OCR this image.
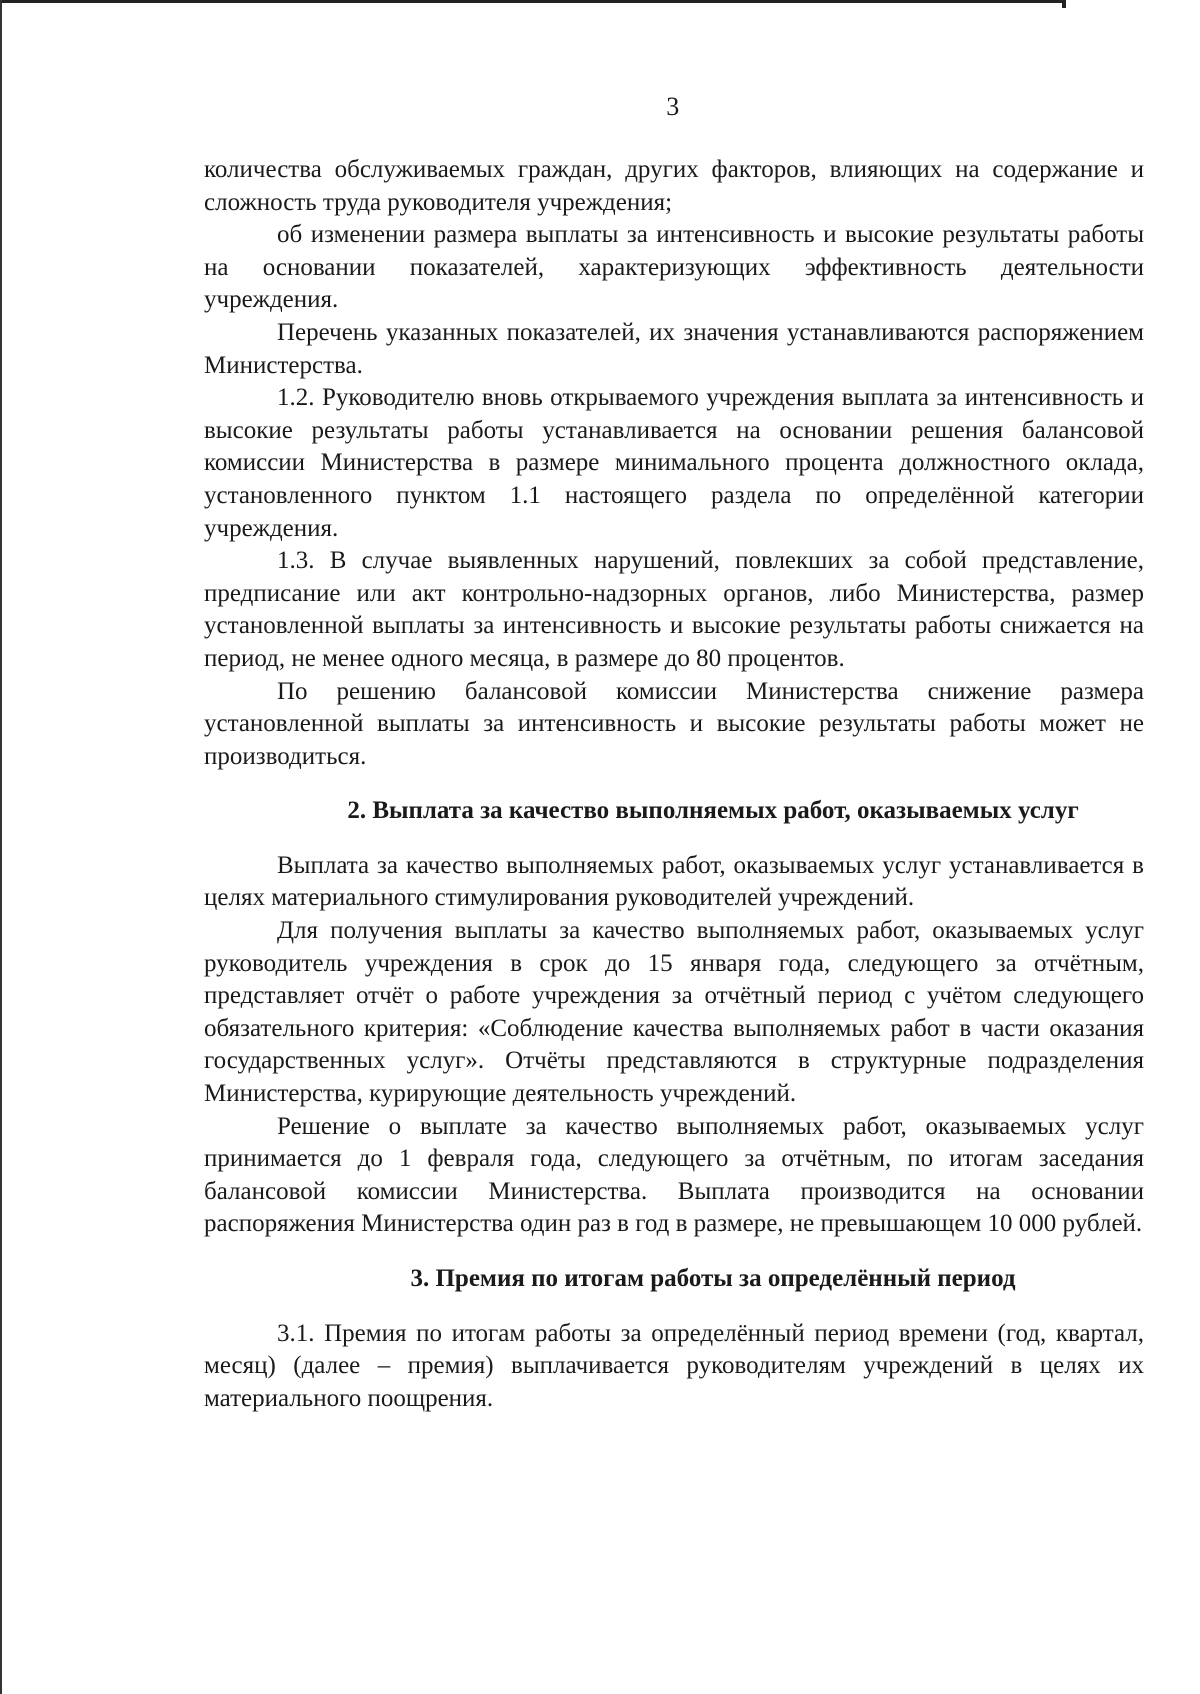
3

количества обслуживаемых граждан, других факторов, влияющих на содержание и сложность труда руководителя учреждения;

об изменении размера выплаты за интенсивность и высокие результаты работы на основании показателей, характеризующих эффективность деятельности учреждения.

Перечень указанных показателей, их значения устанавливаются распоряжением Министерства.

1.2. Руководителю вновь открываемого учреждения выплата за интенсивность и высокие результаты работы устанавливается на основании решения балансовой комиссии Министерства в размере минимального процента должностного оклада, установленного пунктом 1.1 настоящего раздела по определённой категории учреждения.

1.3. В случае выявленных нарушений, повлекших за собой представление, предписание или акт контрольно-надзорных органов, либо Министерства, размер установленной выплаты за интенсивность и высокие результаты работы снижается на период, не менее одного месяца, в размере до 80 процентов.

По решению балансовой комиссии Министерства снижение размера установленной выплаты за интенсивность и высокие результаты работы может не производиться.

2. Выплата за качество выполняемых работ, оказываемых услуг

Выплата за качество выполняемых работ, оказываемых услуг устанавливается в целях материального стимулирования руководителей учреждений.

Для получения выплаты за качество выполняемых работ, оказываемых услуг руководитель учреждения в срок до 15 января года, следующего за отчётным, представляет отчёт о работе учреждения за отчётный период с учётом следующего обязательного критерия: «Соблюдение качества выполняемых работ в части оказания государственных услуг». Отчёты представляются в структурные подразделения Министерства, курирующие деятельность учреждений.

Решение о выплате за качество выполняемых работ, оказываемых услуг принимается до 1 февраля года, следующего за отчётным, по итогам заседания балансовой комиссии Министерства. Выплата производится на основании распоряжения Министерства один раз в год в размере, не превышающем 10 000 рублей.

3. Премия по итогам работы за определённый период

3.1. Премия по итогам работы за определённый период времени (год, квартал, месяц) (далее – премия) выплачивается руководителям учреждений в целях их материального поощрения.
